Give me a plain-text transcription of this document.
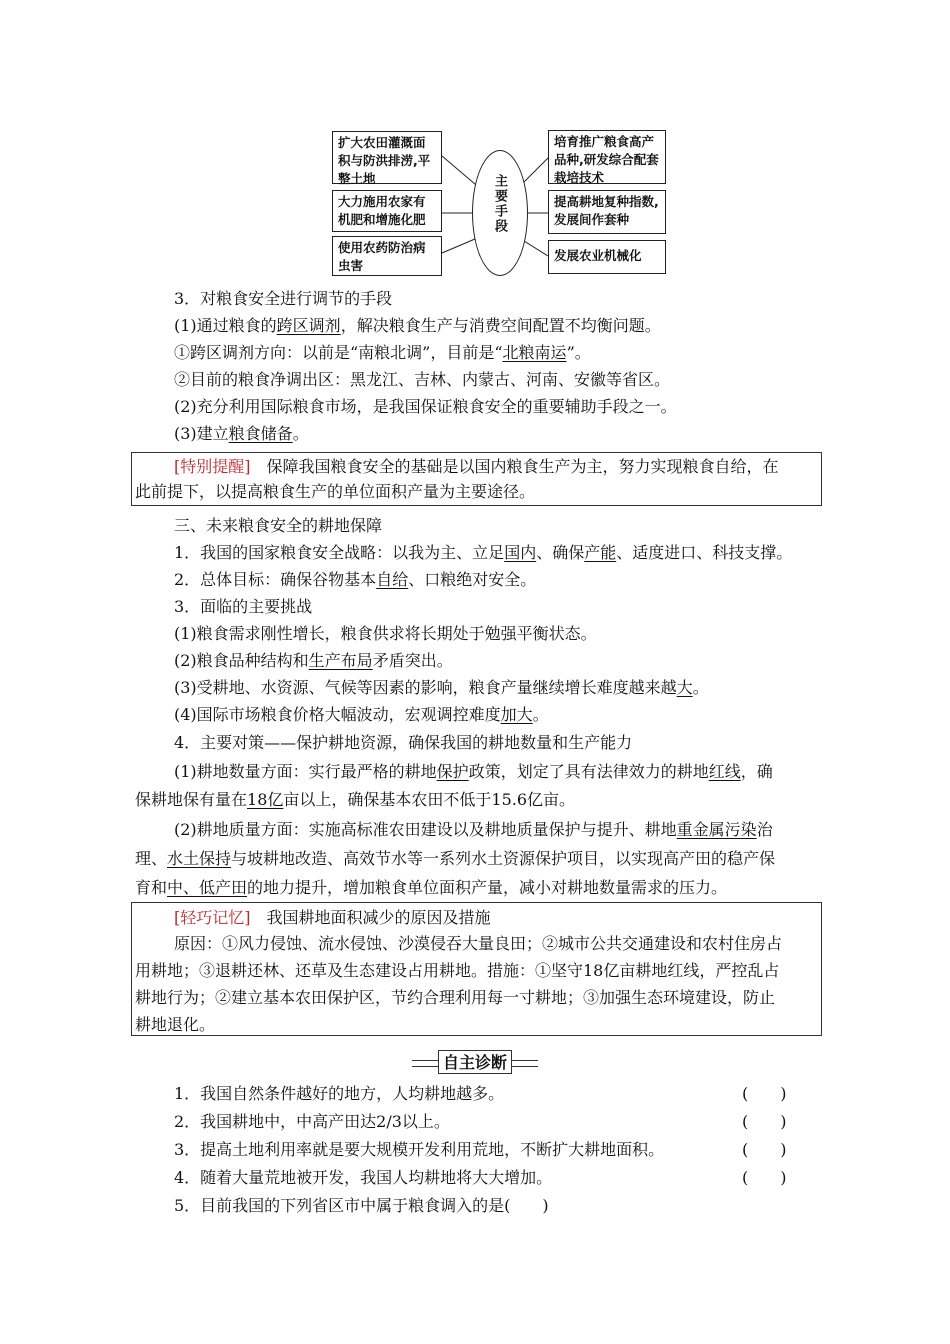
扩大农田灌溉面积与防洪排涝,平整土地
大力施用农家有机肥和增施化肥
使用农药防治病虫害
主要手段
培育推广粮食高产品种,研发综合配套栽培技术
提高耕地复种指数,发展间作套种
发展农业机械化
3．对粮食安全进行调节的手段
(1)通过粮食的跨区调剂，解决粮食生产与消费空间配置不均衡问题。
①跨区调剂方向：以前是“南粮北调”，目前是“北粮南运”。
②目前的粮食净调出区：黑龙江、吉林、内蒙古、河南、安徽等省区。
(2)充分利用国际粮食市场，是我国保证粮食安全的重要辅助手段之一。
(3)建立粮食储备。
[特别提醒]  保障我国粮食安全的基础是以国内粮食生产为主，努力实现粮食自给，在
此前提下，以提高粮食生产的单位面积产量为主要途径。
三、未来粮食安全的耕地保障
1．我国的国家粮食安全战略：以我为主、立足国内、确保产能、适度进口、科技支撑。
2．总体目标：确保谷物基本自给、口粮绝对安全。
3．面临的主要挑战
(1)粮食需求刚性增长，粮食供求将长期处于勉强平衡状态。
(2)粮食品种结构和生产布局矛盾突出。
(3)受耕地、水资源、气候等因素的影响，粮食产量继续增长难度越来越大。
(4)国际市场粮食价格大幅波动，宏观调控难度加大。
4．主要对策——保护耕地资源，确保我国的耕地数量和生产能力
(1)耕地数量方面：实行最严格的耕地保护政策，划定了具有法律效力的耕地红线，确
保耕地保有量在18亿亩以上，确保基本农田不低于15.6亿亩。
(2)耕地质量方面：实施高标准农田建设以及耕地质量保护与提升、耕地重金属污染治
理、水土保持与坡耕地改造、高效节水等一系列水土资源保护项目，以实现高产田的稳产保
育和中、低产田的地力提升，增加粮食单位面积产量，减小对耕地数量需求的压力。
[轻巧记忆]  我国耕地面积减少的原因及措施
原因：①风力侵蚀、流水侵蚀、沙漠侵吞大量良田；②城市公共交通建设和农村住房占
用耕地；③退耕还林、还草及生态建设占用耕地。措施：①坚守18亿亩耕地红线，严控乱占
耕地行为；②建立基本农田保护区，节约合理利用每一寸耕地；③加强生态环境建设，防止
耕地退化。
自主诊断
1．我国自然条件越好的地方，人均耕地越多。	(　　)
2．我国耕地中，中高产田达2/3以上。	(　　)
3．提高土地利用率就是要大规模开发利用荒地，不断扩大耕地面积。	(　　)
4．随着大量荒地被开发，我国人均耕地将大大增加。	(　　)
5．目前我国的下列省区市中属于粮食调入的是(　　)
